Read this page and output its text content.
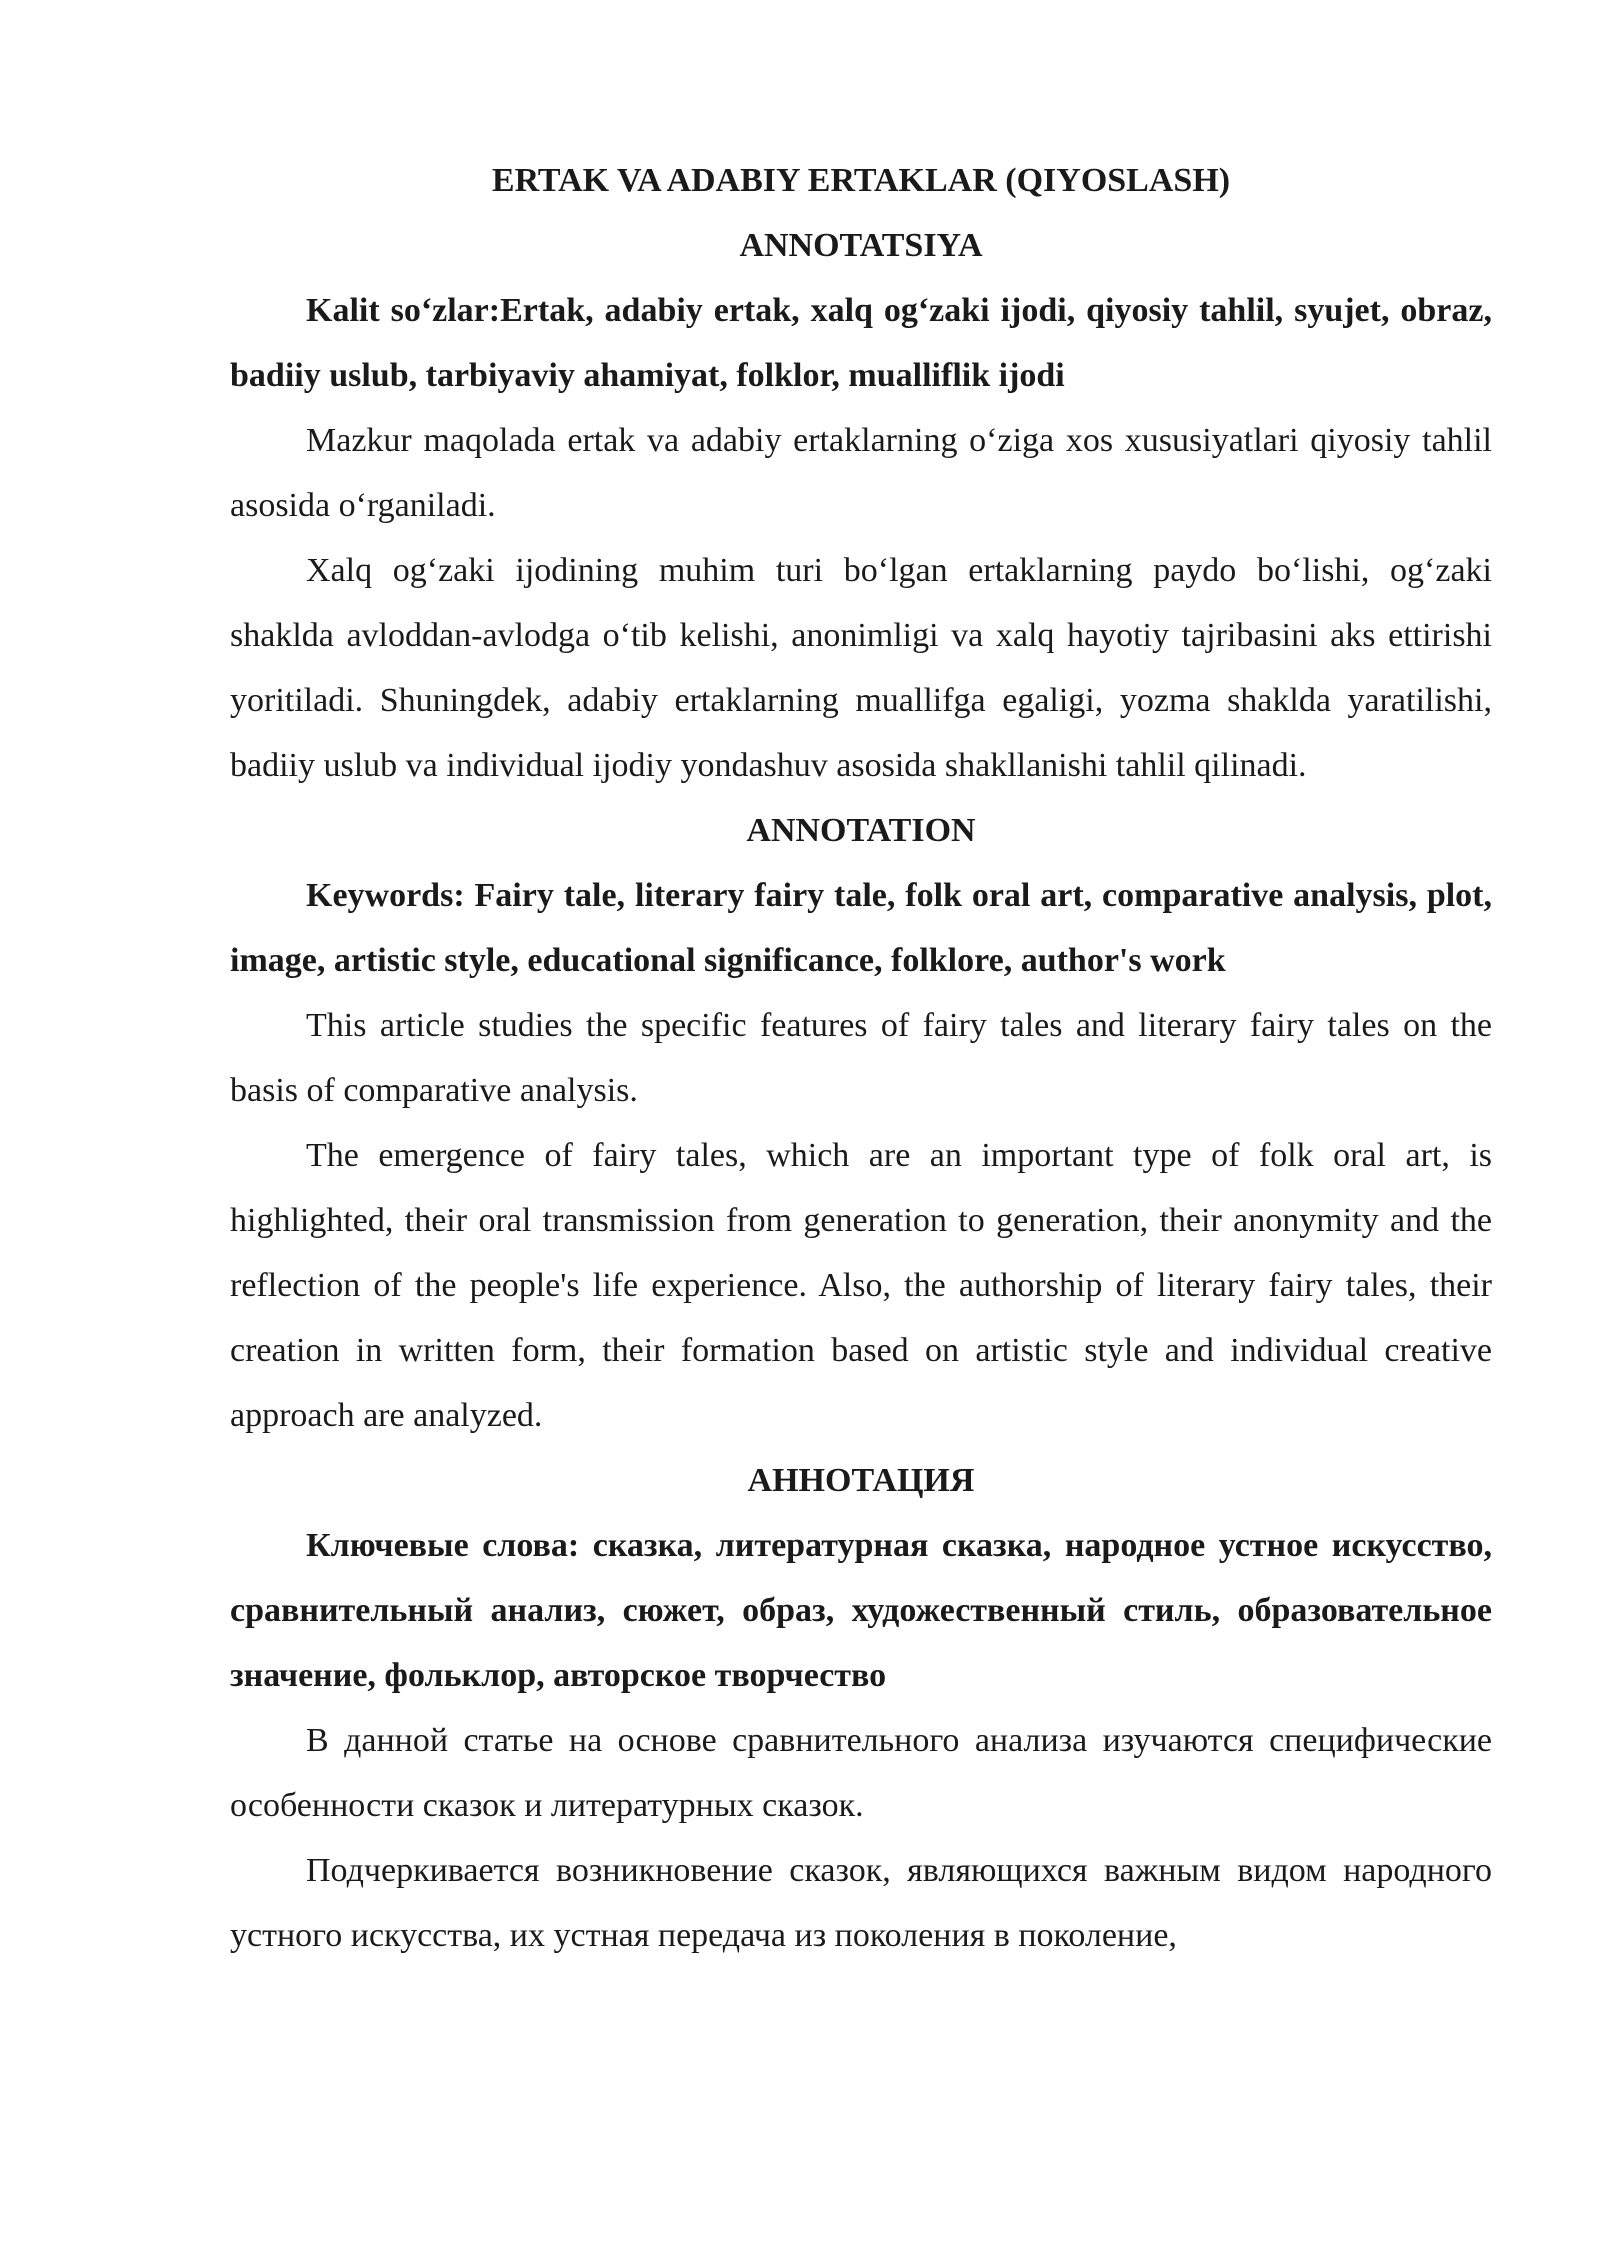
ERTAK VA ADABIY ERTAKLAR (QIYOSLASH)
ANNOTATSIYA

Kalit so‘zlar:Ertak, adabiy ertak, xalq og‘zaki ijodi, qiyosiy tahlil, syujet, obraz, badiiy uslub, tarbiyaviy ahamiyat, folklor, mualliflik ijodi

Mazkur maqolada ertak va adabiy ertaklarning o‘ziga xos xususiyatlari qiyosiy tahlil asosida o‘rganiladi.

Xalq og‘zaki ijodining muhim turi bo‘lgan ertaklarning paydo bo‘lishi, og‘zaki shaklda avloddan-avlodga o‘tib kelishi, anonimligi va xalq hayotiy tajribasini aks ettirishi yoritiladi. Shuningdek, adabiy ertaklarning muallifga egaligi, yozma shaklda yaratilishi, badiiy uslub va individual ijodiy yondashuv asosida shakllanishi tahlil qilinadi.

ANNOTATION

Keywords: Fairy tale, literary fairy tale, folk oral art, comparative analysis, plot, image, artistic style, educational significance, folklore, author's work

This article studies the specific features of fairy tales and literary fairy tales on the basis of comparative analysis.

The emergence of fairy tales, which are an important type of folk oral art, is highlighted, their oral transmission from generation to generation, their anonymity and the reflection of the people's life experience. Also, the authorship of literary fairy tales, their creation in written form, their formation based on artistic style and individual creative approach are analyzed.

АННОТАЦИЯ

Ключевые слова: сказка, литературная сказка, народное устное искусство, сравнительный анализ, сюжет, образ, художественный стиль, образовательное значение, фольклор, авторское творчество

В данной статье на основе сравнительного анализа изучаются специфические особенности сказок и литературных сказок.

Подчеркивается возникновение сказок, являющихся важным видом народного устного искусства, их устная передача из поколения в поколение,
